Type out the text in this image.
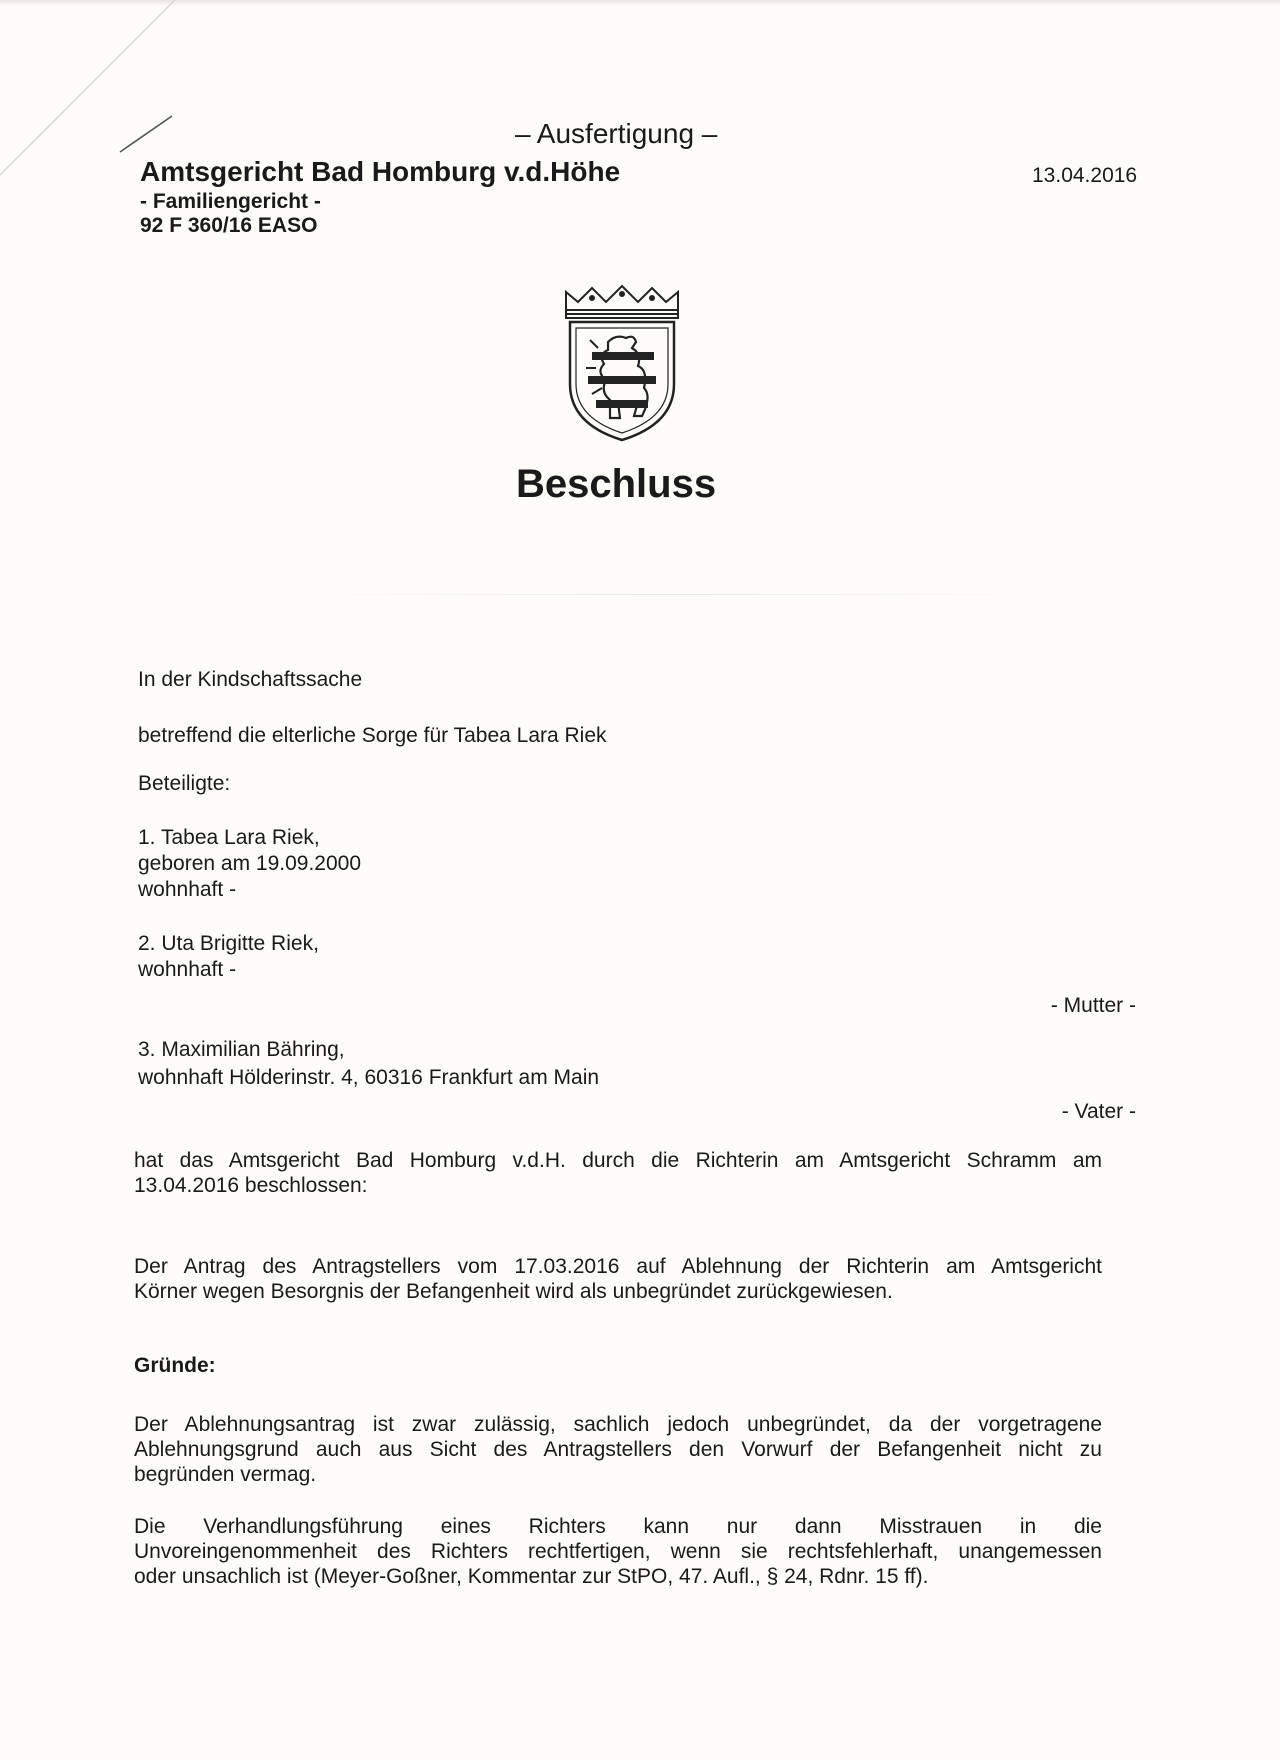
– Ausfertigung –
Amtsgericht Bad Homburg v.d.Höhe	13.04.2016
- Familiengericht -
92 F 360/16 EASO
Beschluss
In der Kindschaftssache
betreffend die elterliche Sorge für Tabea Lara Riek
Beteiligte:
1. Tabea Lara Riek,
geboren am 19.09.2000
wohnhaft -
2. Uta Brigitte Riek,
wohnhaft -
- Mutter -
3. Maximilian Bähring,
wohnhaft Hölderinstr. 4, 60316 Frankfurt am Main
- Vater -
hat das Amtsgericht Bad Homburg v.d.H. durch die Richterin am Amtsgericht Schramm am
13.04.2016 beschlossen:
Der Antrag des Antragstellers vom 17.03.2016 auf Ablehnung der Richterin am Amtsgericht
Körner wegen Besorgnis der Befangenheit wird als unbegründet zurückgewiesen.
Gründe:
Der Ablehnungsantrag ist zwar zulässig, sachlich jedoch unbegründet, da der vorgetragene
Ablehnungsgrund auch aus Sicht des Antragstellers den Vorwurf der Befangenheit nicht zu
begründen vermag.
Die Verhandlungsführung eines Richters kann nur dann Misstrauen in die
Unvoreingenommenheit des Richters rechtfertigen, wenn sie rechtsfehlerhaft, unangemessen
oder unsachlich ist (Meyer-Goßner, Kommentar zur StPO, 47. Aufl., § 24, Rdnr. 15 ff).
